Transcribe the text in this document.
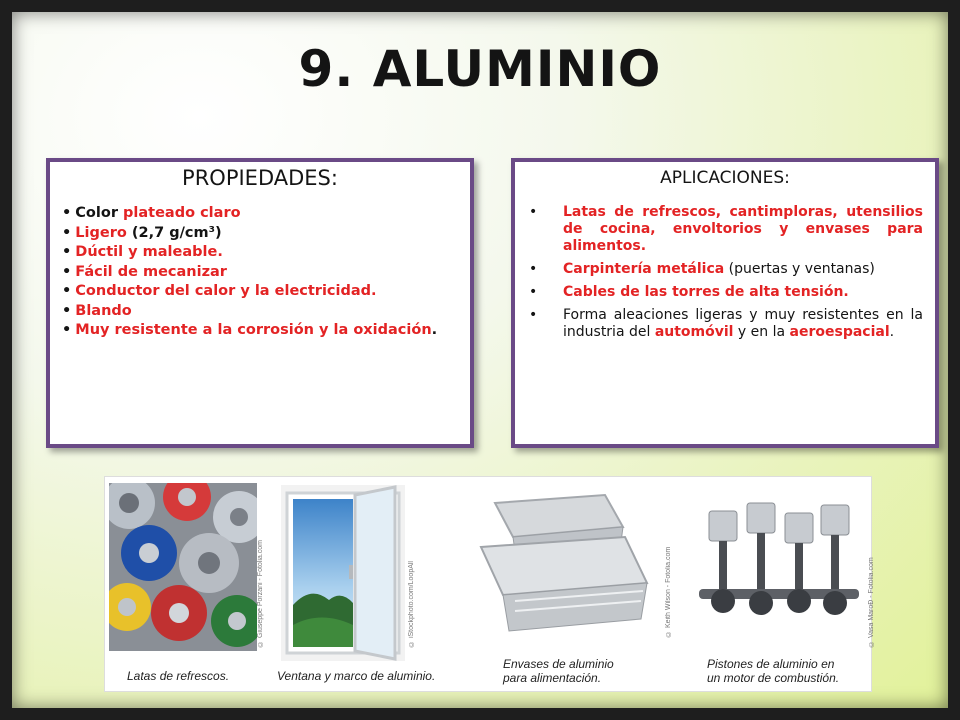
9. ALUMINIO
PROPIEDADES:
• Color plateado claro
• Ligero (2,7 g/cm³)
• Dúctil y maleable.
• Fácil de mecanizar
• Conductor del calor y la electricidad.
• Blando
• Muy resistente a la corrosión y la oxidación.
APLICACIONES:
• Latas de refrescos, cantimploras, utensilios de cocina, envoltorios y envases para alimentos.
• Carpintería metálica (puertas y ventanas)
• Cables de las torres de alta tensión.
• Forma aleaciones ligeras y muy resistentes en la industria del automóvil y en la aeroespacial.
© Giuseppe Porzani - Fotolia.com
Latas de refrescos.
© iStockphoto.com/LoopAll
Ventana y marco de aluminio.
© Keith Wilson - Fotolia.com
Envases de aluminio
para alimentación.
© Vasa MaroÐ - Fotolia.com
Pistones de aluminio en
un motor de combustión.
